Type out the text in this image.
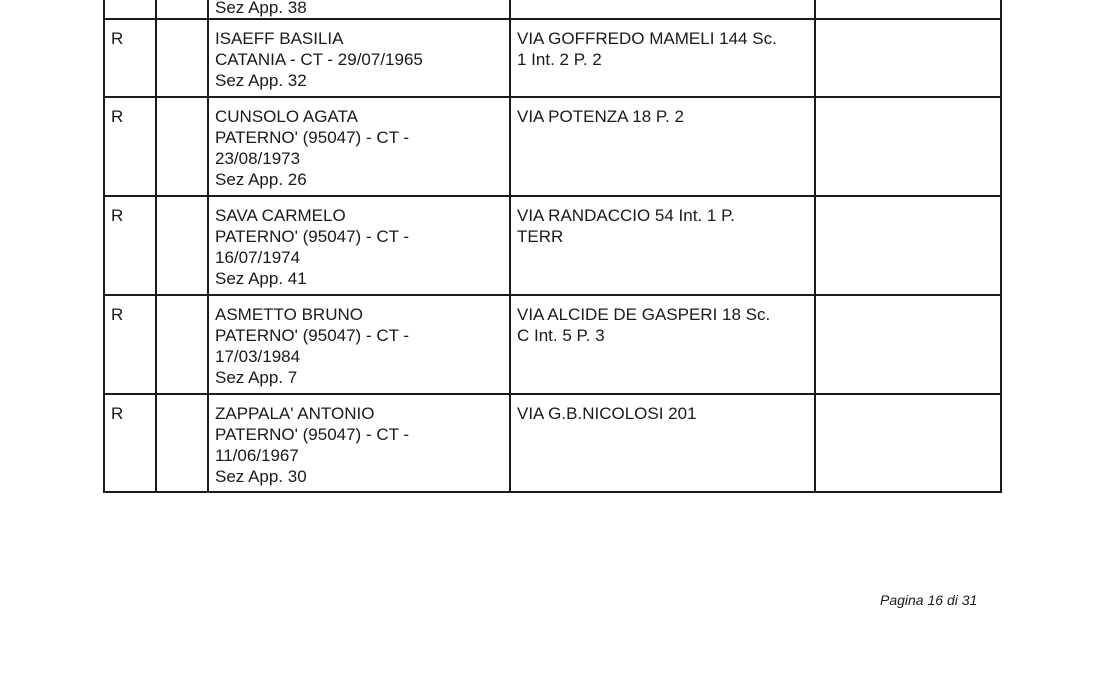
		Sez App. 38		

R		ISAEFF BASILIA
CATANIA - CT - 29/07/1965
Sez App. 32	VIA GOFFREDO MAMELI 144 Sc.
1 Int. 2 P. 2	

R		CUNSOLO AGATA
PATERNO' (95047) - CT -
23/08/1973
Sez App. 26	VIA POTENZA 18 P. 2	

R		SAVA CARMELO
PATERNO' (95047) - CT -
16/07/1974
Sez App. 41	VIA RANDACCIO 54 Int. 1 P.
TERR	

R		ASMETTO BRUNO
PATERNO' (95047) - CT -
17/03/1984
Sez App. 7	VIA ALCIDE DE GASPERI 18 Sc.
C Int. 5 P. 3	

R		ZAPPALA' ANTONIO
PATERNO' (95047) - CT -
11/06/1967
Sez App. 30	VIA G.B.NICOLOSI 201	

Pagina 16 di 31
